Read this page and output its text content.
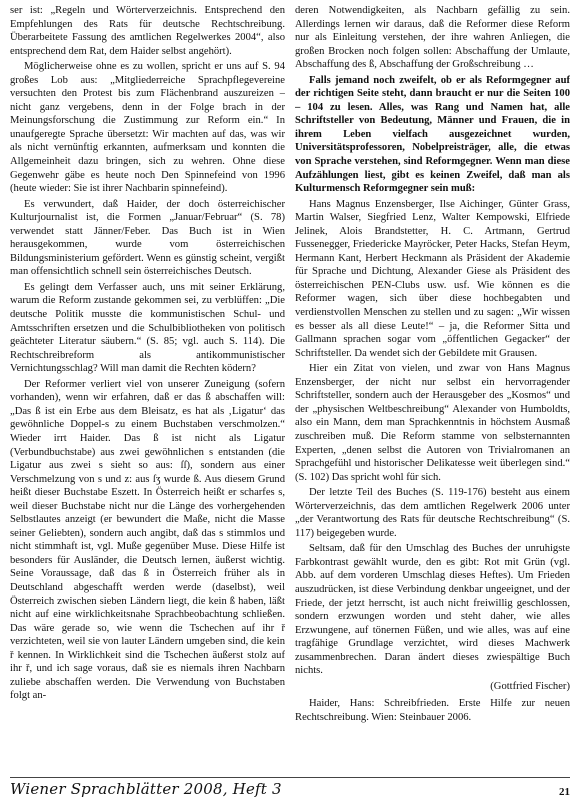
ser ist: „Regeln und Wörterverzeichnis. Entsprechend den Empfehlungen des Rats für deutsche Rechtschreibung. Überarbeitete Fassung des amtlichen Regelwerkes 2004“, also entsprechend dem Rat, dem Haider selbst angehört).

Möglicherweise ohne es zu wollen, spricht er uns auf S. 94 großes Lob aus: „Mitgliederreiche Sprachpflegevereine versuchten den Protest bis zum Flächenbrand auszureizen – nicht ganz vergebens, denn in der Folge brach in der Meinungsforschung die Zustimmung zur Reform ein.“ In unaufgeregte Sprache übersetzt: Wir machten auf das, was wir als nicht vernünftig erkannten, aufmerksam und konnten die Allgemeinheit dazu bringen, sich zu wehren. Ohne diese Gegenwehr gäbe es heute noch Den Spinnefeind von 1996 (heute wieder: Sie ist ihrer Nachbarin spinnefeind).

Es verwundert, daß Haider, der doch österreichischer Kulturjournalist ist, die Formen „Januar/Februar“ (S. 78) verwendet statt Jänner/Feber. Das Buch ist in Wien herausgekommen, wurde vom österreichischen Bildungsministerium gefördert. Wenn es günstig scheint, vergißt man offensichtlich schnell sein österreichisches Deutsch.

Es gelingt dem Verfasser auch, uns mit seiner Erklärung, warum die Reform zustande gekommen sei, zu verblüffen: „Die deutsche Politik musste die kommunistischen Schul- und Amtsschriften ersetzen und die Schulbibliotheken von politisch geächteter Literatur säubern.“ (S. 85; vgl. auch S. 114). Die Rechtschreibreform als antikommunistischer Vernichtungsschlag? Will man damit die Rechten ködern?

Der Reformer verliert viel von unserer Zuneigung (sofern vorhanden), wenn wir erfahren, daß er das ß abschaffen will: „Das ß ist ein Erbe aus dem Bleisatz, es hat als ‚Ligatur‘ das gewöhnliche Doppel-s zu einem Buchstaben verschmolzen.“ Wieder irrt Haider. Das ß ist nicht als Ligatur (Verbundbuchstabe) aus zwei gewöhnlichen s entstanden (die Ligatur aus zwei s sieht so aus: ſſ), sondern aus einer Verschmelzung von s und z: aus ſʒ wurde ß. Aus diesem Grund heißt dieser Buchstabe Eszett. In Österreich heißt er scharfes s, weil dieser Buchstabe nicht nur die Länge des vorhergehenden Selbstlautes anzeigt (er bewundert die Maße, nicht die Masse seiner Geliebten), sondern auch angibt, daß das s stimmlos und nicht stimmhaft ist, vgl. Muße gegenüber Muse. Diese Hilfe ist besonders für Ausländer, die Deutsch lernen, äußerst wichtig. Seine Voraussage, daß das ß in Österreich früher als in Deutschland abgeschafft werden werde (daselbst), weil Österreich zwischen sieben Ländern liegt, die kein ß haben, läßt nicht auf eine wirklichkeitsnahe Sprachbeobachtung schließen. Das wäre gerade so, wie wenn die Tschechen auf ihr ř verzichteten, weil sie von lauter Ländern umgeben sind, die kein ř kennen. In Wirklichkeit sind die Tschechen äußerst stolz auf ihr ř, und ich sage voraus, daß sie es niemals ihren Nachbarn zuliebe abschaffen werden. Die Verwendung von Buchstaben folgt an-

deren Notwendigkeiten, als Nachbarn gefällig zu sein. Allerdings lernen wir daraus, daß die Reformer diese Reform nur als Einleitung verstehen, der ihre wahren Anliegen, die großen Brocken noch folgen sollen: Abschaffung der Umlaute, Abschaffung des ß, Abschaffung der Großschreibung …

Falls jemand noch zweifelt, ob er als Reformgegner auf der richtigen Seite steht, dann braucht er nur die Seiten 100 – 104 zu lesen. Alles, was Rang und Namen hat, alle Schriftsteller von Bedeutung, Männer und Frauen, die in ihrem Leben vielfach ausgezeichnet wurden, Universitätsprofessoren, Nobelpreisträger, alle, die etwas von Sprache verstehen, sind Reformgegner. Wenn man diese Aufzählungen liest, gibt es keinen Zweifel, daß man als Kulturmensch Reformgegner sein muß:

Hans Magnus Enzensberger, Ilse Aichinger, Günter Grass, Martin Walser, Siegfried Lenz, Walter Kempowski, Elfriede Jelinek, Alois Brandstetter, H. C. Artmann, Gertrud Fussenegger, Friedericke Mayröcker, Peter Hacks, Stefan Heym, Hermann Kant, Herbert Heckmann als Präsident der Akademie für Sprache und Dichtung, Alexander Giese als Präsident des österreichischen PEN-Clubs usw. usf. Wie können es die Reformer wagen, sich über diese hochbegabten und verdienstvollen Menschen zu stellen und zu sagen: „Wir wissen es besser als all diese Leute!“ – ja, die Reformer Sitta und Gallmann sprachen sogar vom „öffentlichen Gegacker“ der Schriftsteller. Da wendet sich der Gebildete mit Grausen.

Hier ein Zitat von vielen, und zwar von Hans Magnus Enzensberger, der nicht nur selbst ein hervorragender Schriftsteller, sondern auch der Herausgeber des „Kosmos“ und der „physischen Weltbeschreibung“ Alexander von Humboldts, also ein Mann, dem man Sprachkenntnis in höchstem Ausmaß zuschreiben muß. Die Reform stamme von selbsternannten Experten, „denen selbst die Autoren von Trivialromanen an Sprachgefühl und historischer Delikatesse weit überlegen sind.“ (S. 102) Das spricht wohl für sich.

Der letzte Teil des Buches (S. 119-176) besteht aus einem Wörterverzeichnis, das dem amtlichen Regelwerk 2006 unter „der Verantwortung des Rats für deutsche Rechtschreibung“ (S. 117) beigegeben wurde.

Seltsam, daß für den Umschlag des Buches der unruhigste Farbkontrast gewählt wurde, den es gibt: Rot mit Grün (vgl. Abb. auf dem vorderen Umschlag dieses Heftes). Um Frieden auszudrücken, ist diese Verbindung denkbar ungeeignet, und der Friede, der jetzt herrscht, ist auch nicht freiwillig geschlossen, sondern erzwungen worden und steht daher, wie alles Erzwungene, auf tönernen Füßen, und wie alles, was auf eine tragfähige Grundlage verzichtet, wird dieses Machwerk zusammenbrechen. Daran ändert dieses zwiespältige Buch nichts.

(Gottfried Fischer)

Haider, Hans: Schreibfrieden. Erste Hilfe zur neuen Rechtschreibung. Wien: Steinbauer 2006.

Wiener Sprachblätter 2008, Heft 3	21
